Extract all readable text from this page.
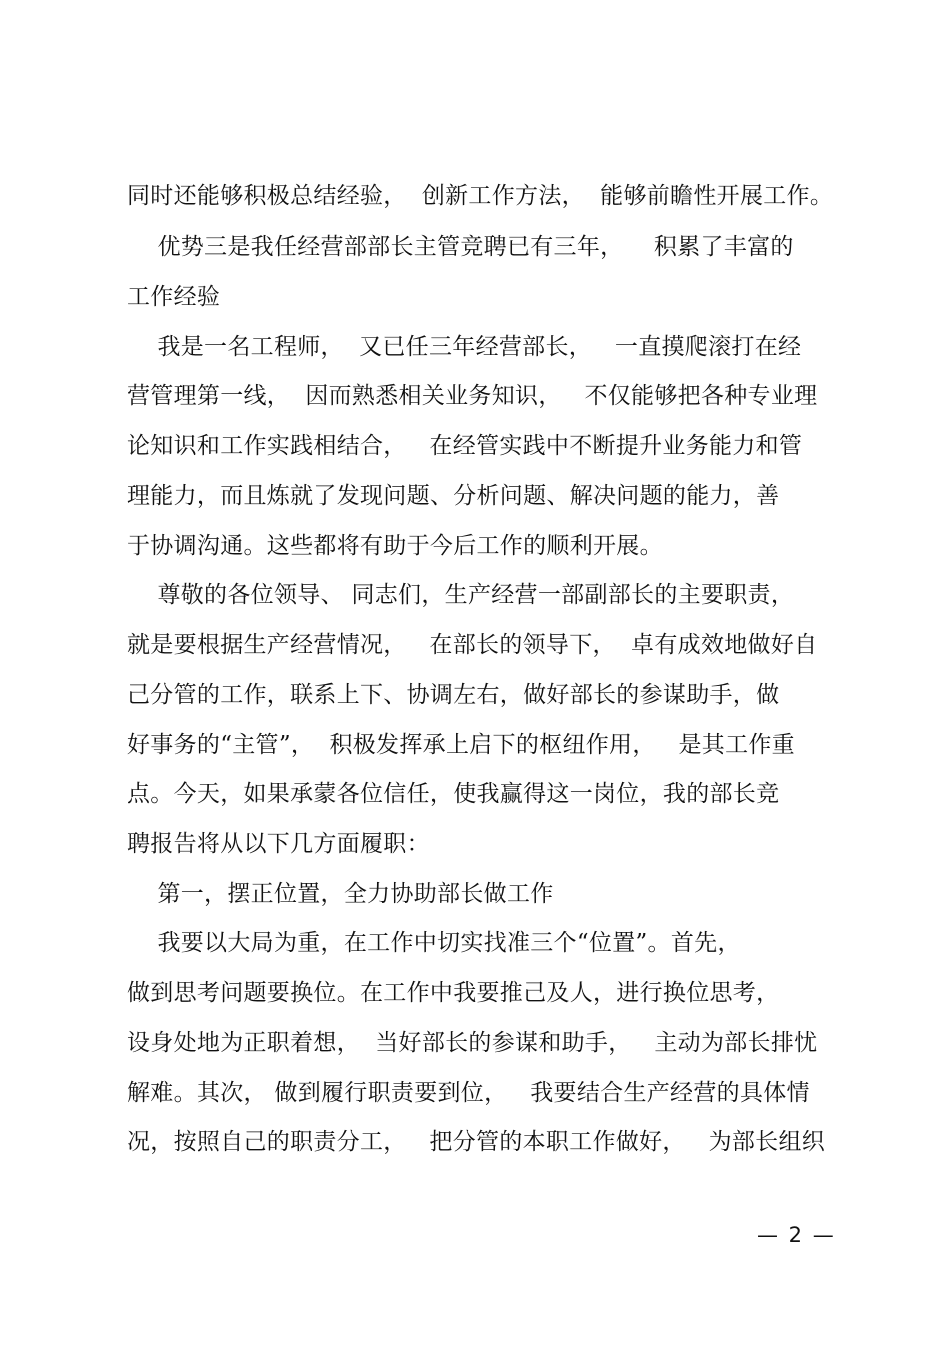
同时还能够积极总结经验，  创新工作方法，  能够前瞻性开展工作。
优势三是我任经营部部长主管竞聘已有三年，    积累了丰富的
工作经验
我是一名工程师，  又已任三年经营部长，   一直摸爬滚打在经
营管理第一线，  因而熟悉相关业务知识，   不仅能够把各种专业理
论知识和工作实践相结合，   在经管实践中不断提升业务能力和管
理能力，而且炼就了发现问题、分析问题、解决问题的能力，善
于协调沟通。这些都将有助于今后工作的顺利开展。
尊敬的各位领导、 同志们，生产经营一部副部长的主要职责，
就是要根据生产经营情况，   在部长的领导下，  卓有成效地做好自
己分管的工作，联系上下、协调左右，做好部长的参谋助手，做
好事务的“主管”，  积极发挥承上启下的枢纽作用，   是其工作重
点。今天，如果承蒙各位信任，使我赢得这一岗位，我的部长竞
聘报告将从以下几方面履职：
第一，摆正位置，全力协助部长做工作
我要以大局为重，在工作中切实找准三个“位置”。首先，
做到思考问题要换位。在工作中我要推己及人，进行换位思考，
设身处地为正职着想，  当好部长的参谋和助手，   主动为部长排忧
解难。其次， 做到履行职责要到位，   我要结合生产经营的具体情
况，按照自己的职责分工，   把分管的本职工作做好，   为部长组织
— 2 —
